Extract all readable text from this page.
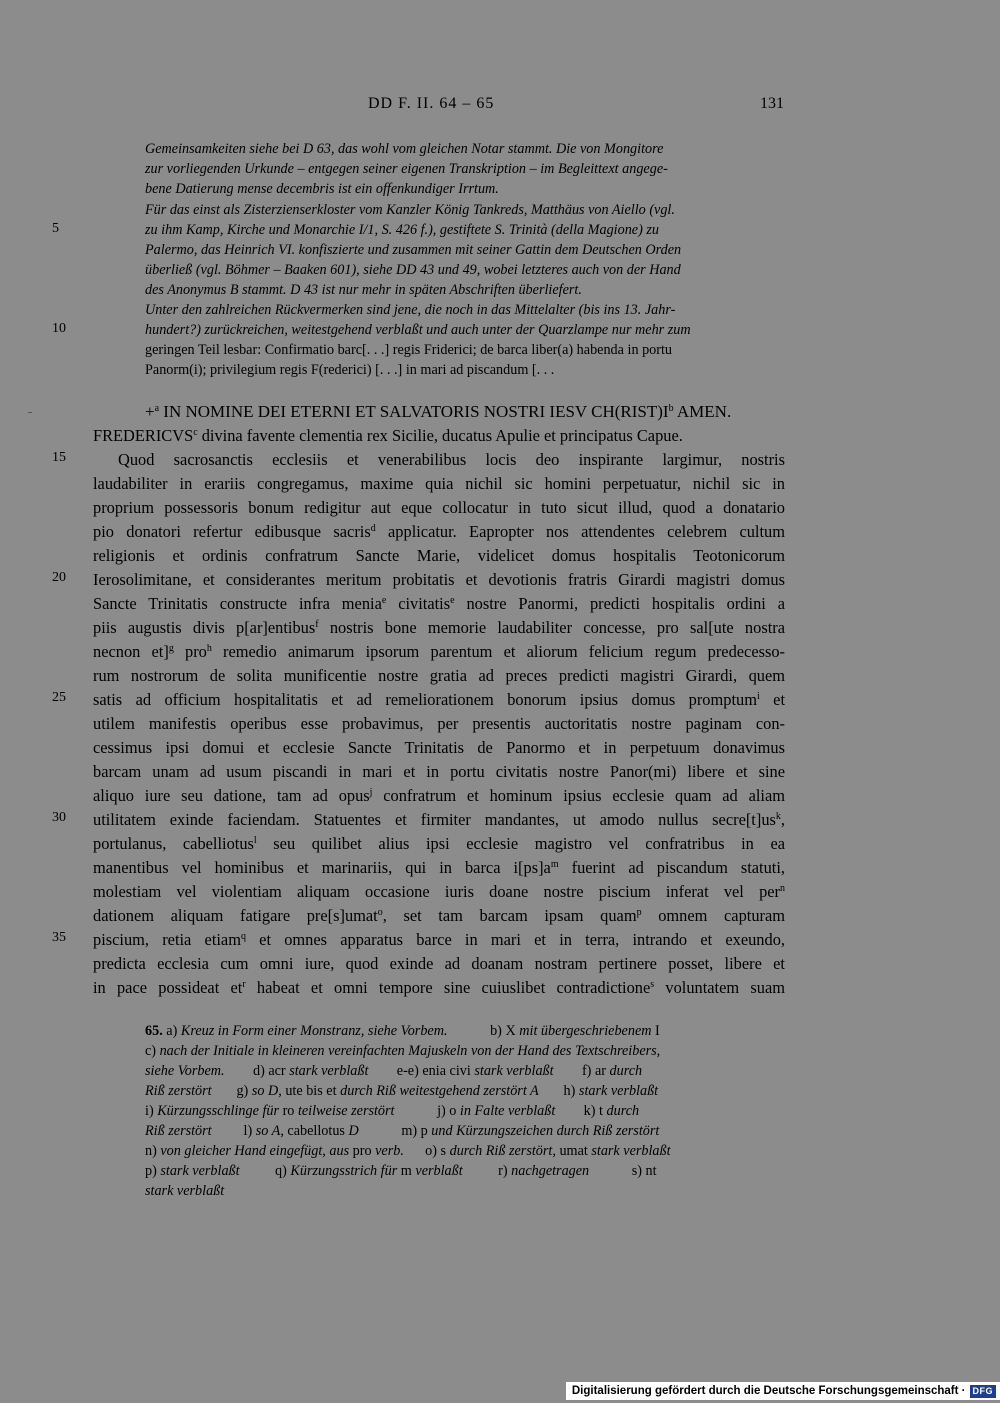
DD F. II. 64 – 65	131
Gemeinsamkeiten siehe bei D 63, das wohl vom gleichen Notar stammt. Die von Mongitore
zur vorliegenden Urkunde – entgegen seiner eigenen Transkription – im Begleittext angege-
bene Datierung mense decembris ist ein offenkundiger Irrtum.
Für das einst als Zisterzienserkloster vom Kanzler König Tankreds, Matthäus von Aiello (vgl.
zu ihm Kamp, Kirche und Monarchie I/1, S. 426 f.), gestiftete S. Trinità (della Magione) zu
Palermo, das Heinrich VI. konfiszierte und zusammen mit seiner Gattin dem Deutschen Orden
überließ (vgl. Böhmer – Baaken 601), siehe DD 43 und 49, wobei letzteres auch von der Hand
des Anonymus B stammt. D 43 ist nur mehr in späten Abschriften überliefert.
Unter den zahlreichen Rückvermerken sind jene, die noch in das Mittelalter (bis ins 13. Jahr-
hundert?) zurückreichen, weitestgehend verblaßt und auch unter der Quarzlampe nur mehr zum
geringen Teil lesbar: Confirmatio barc[. . .] regis Friderici; de barca liber(a) habenda in portu
Panorm(i); privilegium regis F(rederici) [. . .] in mari ad piscandum [. . .
5
10
+$^a$ IN NOMINE DEI ETERNI ET SALVATORIS NOSTRI IESV $CH(RIST)I^b$ AMEN.
FREDERICVS$^c$ divina favente clementia rex Sicilie, ducatus Apulie et principatus Capue.
Quod sacrosanctis ecclesiis et venerabilibus locis deo inspirante largimur, nostris
laudabiliter in erariis congregamus, maxime quia nichil sic homini perpetuatur, nichil sic in
proprium possessoris bonum redigitur aut eque collocatur in tuto sicut illud, quod a donatario
pio donatori refertur edibusque sacris$^d$ applicatur. Eapropter nos attendentes celebrem cultum
religionis et ordinis confratrum Sancte Marie, videlicet domus hospitalis Teotonicorum
Ierosolimitane, et considerantes meritum probitatis et devotionis fratris Girardi magistri domus
Sancte Trinitatis constructe infra menia$^e$ civitatis$^e$ nostre Panormi, predicti hospitalis ordini a
piis augustis divis p[ar]entibus$^f$ nostris bone memorie laudabiliter concesse, pro sal[ute nostra
necnon et]$^g$ pro$^h$ remedio animarum ipsorum parentum et aliorum felicium regum predecesso-
rum nostrorum de solita munificentie nostre gratia ad preces predicti magistri Girardi, quem
satis ad officium hospitalitatis et ad remeliorationem bonorum ipsius domus promptum$^i$ et
utilem manifestis operibus esse probavimus, per presentis auctoritatis nostre paginam con-
cessimus ipsi domui et ecclesie Sancte Trinitatis de Panormo et in perpetuum donavimus
barcam unam ad usum piscandi in mari et in portu civitatis nostre Panor(mi) libere et sine
aliquo iure seu datione, tam ad opus$^j$ confratrum et hominum ipsius ecclesie quam ad aliam
utilitatem exinde faciendam. Statuentes et firmiter mandantes, ut amodo nullus $secre[t]us^k$,
portulanus, cabelliotus$^l$ seu quilibet alius ipsi ecclesie magistro vel confratribus in ea
manentibus vel hominibus et marinariis, qui in barca $i[ps]a^m$ fuerint ad piscandum statuti,
molestiam vel violentiam aliquam occasione iuris doane nostre piscium inferat vel per$^n$
dationem aliquam fatigare pre[s]umat$^o$, set tam barcam ipsam quam$^p$ omnem capturam
piscium, retia etiam$^q$ et omnes apparatus barce in mari et in terra, intrando et exeundo,
predicta ecclesia cum omni iure, quod exinde ad doanam nostram pertinere posset, libere et
in pace possideat $et^r$ habeat et omni tempore sine cuiuslibet contradictione$^s$ voluntatem suam
15
20
25
30
35
65. a) Kreuz in Form einer Monstranz, siehe Vorbem.            b) X mit übergeschriebenem I
c) nach der Initiale in kleineren vereinfachten Majuskeln von der Hand des Textschreibers,
siehe Vorbem.        d) acr stark verblaßt        e-e) enia civi stark verblaßt        f) ar durch
Riß zerstört       g) so D, ute bis et durch Riß weitestgehend zerstört A       h) stark verblaßt
i) Kürzungsschlinge für ro teilweise zerstört            j) o in Falte verblaßt        k) t durch
Riß zerstört         l) so A, cabellotus D            m) p und Kürzungszeichen durch Riß zerstört
n) von gleicher Hand eingefügt, aus pro verb.      o) s durch Riß zerstört, umat stark verblaßt
p) stark verblaßt          q) Kürzungsstrich für m verblaßt          r) nachgetragen            s) nt
stark verblaßt
Digitalisierung gefördert durch die Deutsche Forschungsgemeinschaft · DFG
